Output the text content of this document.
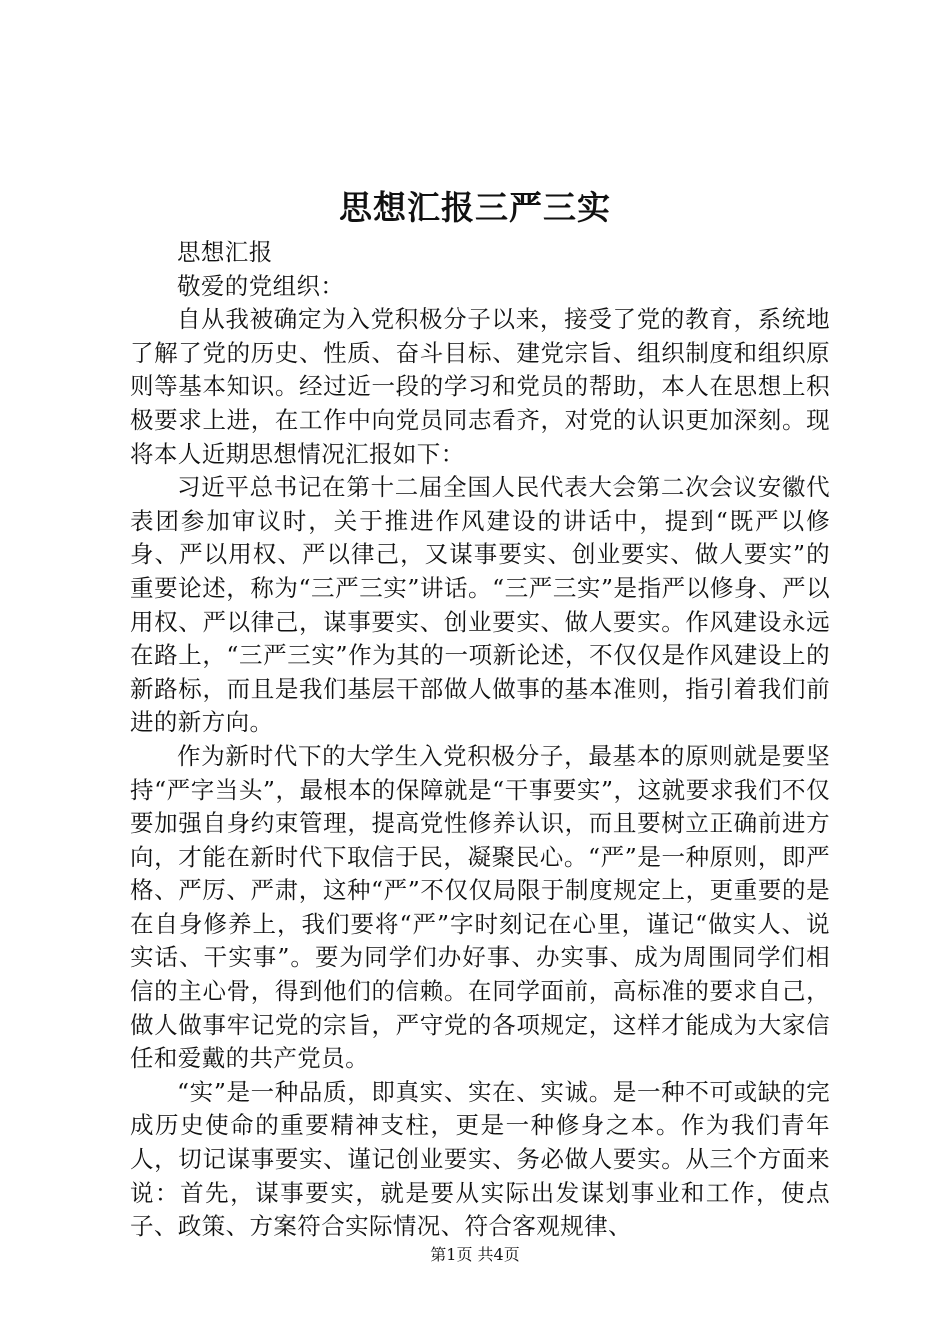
思想汇报三严三实

思想汇报

敬爱的党组织：

自从我被确定为入党积极分子以来，接受了党的教育，系统地了解了党的历史、性质、奋斗目标、建党宗旨、组织制度和组织原则等基本知识。经过近一段的学习和党员的帮助，本人在思想上积极要求上进，在工作中向党员同志看齐，对党的认识更加深刻。现将本人近期思想情况汇报如下：

习近平总书记在第十二届全国人民代表大会第二次会议安徽代表团参加审议时，关于推进作风建设的讲话中，提到“既严以修身、严以用权、严以律己，又谋事要实、创业要实、做人要实”的重要论述，称为“三严三实”讲话。“三严三实”是指严以修身、严以用权、严以律己，谋事要实、创业要实、做人要实。作风建设永远在路上，“三严三实”作为其的一项新论述，不仅仅是作风建设上的新路标，而且是我们基层干部做人做事的基本准则，指引着我们前进的新方向。

作为新时代下的大学生入党积极分子，最基本的原则就是要坚持“严字当头”，最根本的保障就是“干事要实”，这就要求我们不仅要加强自身约束管理，提高党性修养认识，而且要树立正确前进方向，才能在新时代下取信于民，凝聚民心。“严”是一种原则，即严格、严厉、严肃，这种“严”不仅仅局限于制度规定上，更重要的是在自身修养上，我们要将“严”字时刻记在心里，谨记“做实人、说实话、干实事”。要为同学们办好事、办实事、成为周围同学们相信的主心骨，得到他们的信赖。在同学面前，高标准的要求自己，做人做事牢记党的宗旨，严守党的各项规定，这样才能成为大家信任和爱戴的共产党员。

“实”是一种品质，即真实、实在、实诚。是一种不可或缺的完成历史使命的重要精神支柱，更是一种修身之本。作为我们青年人，切记谋事要实、谨记创业要实、务必做人要实。从三个方面来说：首先，谋事要实，就是要从实际出发谋划事业和工作，使点子、政策、方案符合实际情况、符合客观规律、

第1页 共4页
